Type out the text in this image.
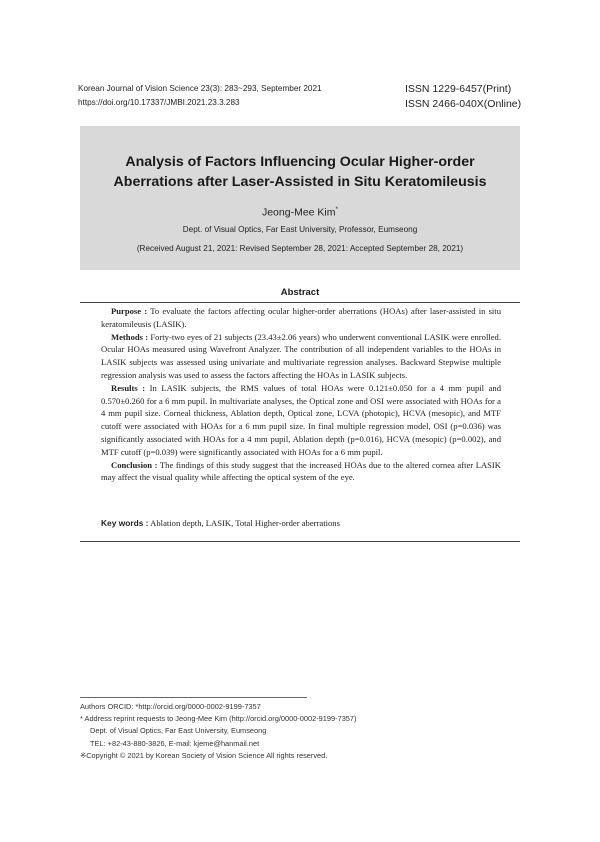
Korean Journal of Vision Science 23(3): 283~293, September 2021
https://doi.org/10.17337/JMBI.2021.23.3.283
ISSN 1229-6457(Print)
ISSN 2466-040X(Online)
Analysis of Factors Influencing Ocular Higher-order
Aberrations after Laser-Assisted in Situ Keratomileusis
Jeong-Mee Kim*
Dept. of Visual Optics, Far East University, Professor, Eumseong
(Received August 21, 2021: Revised September 28, 2021: Accepted September 28, 2021)
Abstract

Purpose : To evaluate the factors affecting ocular higher-order aberrations (HOAs) after laser-assisted in situ keratomileusis (LASIK).

Methods : Forty-two eyes of 21 subjects (23.43±2.06 years) who underwent conventional LASIK were enrolled. Ocular HOAs measured using Wavefront Analyzer. The contribution of all independent variables to the HOAs in LASIK subjects was assessed using univariate and multivariate regression analyses. Backward Stepwise multiple regression analysis was used to assess the factors affecting the HOAs in LASIK subjects.

Results : In LASIK subjects, the RMS values of total HOAs were 0.121±0.050 for a 4 mm pupil and 0.570±0.260 for a 6 mm pupil. In multivariate analyses, the Optical zone and OSI were associated with HOAs for a 4 mm pupil size. Corneal thickness, Ablation depth, Optical zone, LCVA (photopic), HCVA (mesopic), and MTF cutoff were associated with HOAs for a 6 mm pupil size. In final multiple regression model, OSI (p=0.036) was significantly associated with HOAs for a 4 mm pupil, Ablation depth (p=0.016), HCVA (mesopic) (p=0.002), and MTF cutoff (p=0.039) were significantly associated with HOAs for a 6 mm pupil.

Conclusion : The findings of this study suggest that the increased HOAs due to the altered cornea after LASIK may affect the visual quality while affecting the optical system of the eye.

Key words : Ablation depth, LASIK, Total Higher-order aberrations
Authors ORCID: *http://orcid.org/0000-0002-9199-7357
* Address reprint requests to Jeong-Mee Kim (http://orcid.org/0000-0002-9199-7357)
Dept. of Visual Optics, Far East University, Eumseong
TEL: +82-43-880-3826, E-mail: kjeme@hanmail.net
※Copyright © 2021 by Korean Society of Vision Science All rights reserved.
